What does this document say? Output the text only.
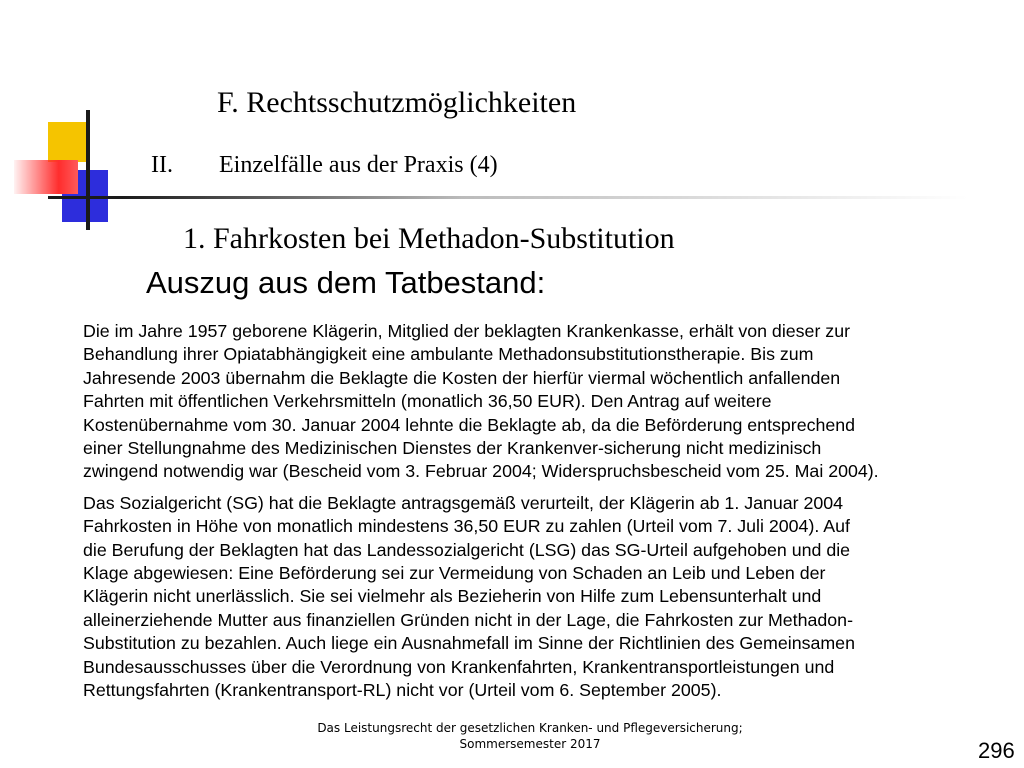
F. Rechtsschutzmöglichkeiten
II. Einzelfälle aus der Praxis (4)
1. Fahrkosten bei Methadon-Substitution
Auszug aus dem Tatbestand:

Die im Jahre 1957 geborene Klägerin, Mitglied der beklagten Krankenkasse, erhält von dieser zur
Behandlung ihrer Opiatabhängigkeit eine ambulante Methadonsubstitutionstherapie. Bis zum
Jahresende 2003 übernahm die Beklagte die Kosten der hierfür viermal wöchentlich anfallenden
Fahrten mit öffentlichen Verkehrsmitteln (monatlich 36,50 EUR). Den Antrag auf weitere
Kostenübernahme vom 30. Januar 2004 lehnte die Beklagte ab, da die Beförderung entsprechend
einer Stellungnahme des Medizinischen Dienstes der Krankenver-sicherung nicht medizinisch
zwingend notwendig war (Bescheid vom 3. Februar 2004; Widerspruchsbescheid vom 25. Mai 2004).

Das Sozialgericht (SG) hat die Beklagte antragsgemäß verurteilt, der Klägerin ab 1. Januar 2004
Fahrkosten in Höhe von monatlich mindestens 36,50 EUR zu zahlen (Urteil vom 7. Juli 2004). Auf
die Berufung der Beklagten hat das Landessozialgericht (LSG) das SG-Urteil aufgehoben und die
Klage abgewiesen: Eine Beförderung sei zur Vermeidung von Schaden an Leib und Leben der
Klägerin nicht unerlässlich. Sie sei vielmehr als Bezieherin von Hilfe zum Lebensunterhalt und
alleinerziehende Mutter aus finanziellen Gründen nicht in der Lage, die Fahrkosten zur Methadon-
Substitution zu bezahlen. Auch liege ein Ausnahmefall im Sinne der Richtlinien des Gemeinsamen
Bundesausschusses über die Verordnung von Krankenfahrten, Krankentransportleistungen und
Rettungsfahrten (Krankentransport-RL) nicht vor (Urteil vom 6. September 2005).

Das Leistungsrecht der gesetzlichen Kranken- und Pflegeversicherung;
Sommersemester 2017	296
